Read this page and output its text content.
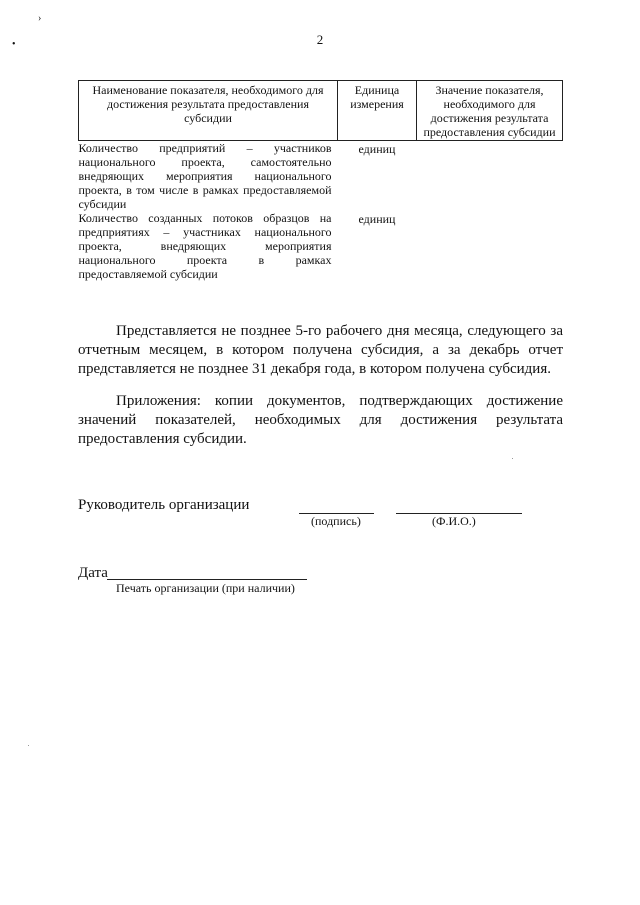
›
•	2
Наименование показателя, необходимого для достижения результата предоставления субсидии	Единица измерения	Значение показателя, необходимого для достижения результата предоставления субсидии
Количество предприятий – участников национального проекта, самостоятельно внедряющих мероприятия национального проекта, в том числе в рамках предоставляемой субсидии	единиц	
Количество созданных потоков образцов на предприятиях – участниках национального проекта, внедряющих мероприятия национального проекта в рамках предоставляемой субсидии	единиц	

Представляется не позднее 5-го рабочего дня месяца, следующего за отчетным месяцем, в котором получена субсидия, а за декабрь отчет представляется не позднее 31 декабря года, в котором получена субсидия.

Приложения: копии документов, подтверждающих достижение значений показателей, необходимых для достижения результата предоставления субсидии.

Руководитель организации
(подпись)	(Ф.И.О.)
Дата
Печать организации (при наличии)
